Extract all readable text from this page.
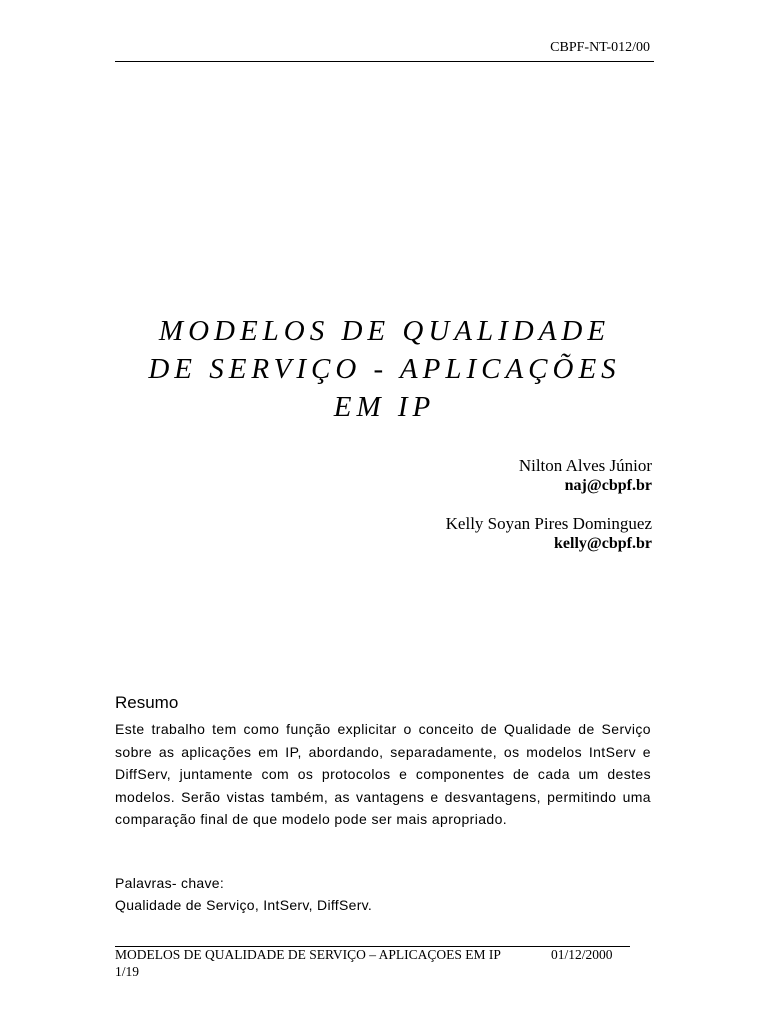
CBPF-NT-012/00
MODELOS DE QUALIDADE
DE SERVIÇO - APLICAÇÕES
EM IP
Nilton Alves Júnior
naj@cbpf.br
Kelly Soyan Pires Dominguez
kelly@cbpf.br
Resumo
Este trabalho tem como função explicitar o conceito de Qualidade de Serviço sobre as aplicações em IP, abordando, separadamente, os modelos IntServ e DiffServ, juntamente com os protocolos e componentes de cada um destes modelos. Serão vistas também, as vantagens e desvantagens, permitindo uma comparação final de que modelo pode ser mais apropriado.
Palavras- chave:
Qualidade de Serviço, IntServ, DiffServ.
MODELOS DE QUALIDADE DE SERVIÇO – APLICAÇOES EM IP	01/12/2000
1/19
